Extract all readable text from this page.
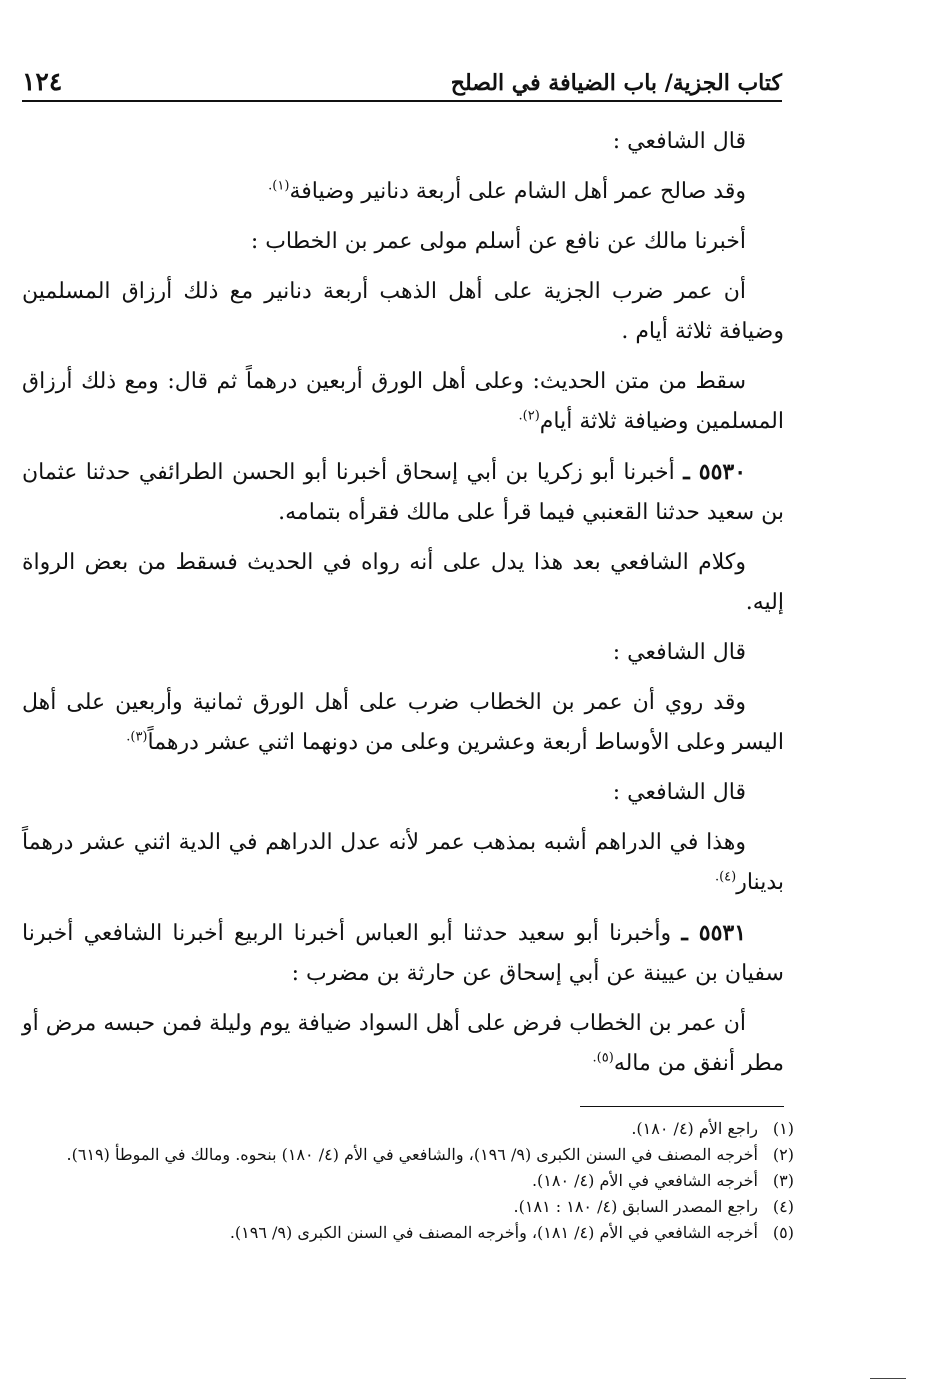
كتاب الجزية/ باب الضيافة في الصلح
١٢٤

قال الشافعي :

وقد صالح عمر أهل الشام على أربعة دنانير وضيافة$^{(١).}$

أخبرنا مالك عن نافع عن أسلم مولى عمر بن الخطاب :

أن عمر ضرب الجزية على أهل الذهب أربعة دنانير مع ذلك أرزاق المسلمين وضيافة ثلاثة أيام .

سقط من متن الحديث: وعلى أهل الورق أربعين درهماً ثم قال: ومع ذلك أرزاق المسلمين وضيافة ثلاثة أيام$^{(٢).}$

٥٥٣٠ ـ أخبرنا أبو زكريا بن أبي إسحاق أخبرنا أبو الحسن الطرائفي حدثنا عثمان بن سعيد حدثنا القعنبي فيما قرأ على مالك فقرأه بتمامه.

وكلام الشافعي بعد هذا يدل على أنه رواه في الحديث فسقط من بعض الرواة إليه.

قال الشافعي :

وقد روي أن عمر بن الخطاب ضرب على أهل الورق ثمانية وأربعين على أهل اليسر وعلى الأوساط أربعة وعشرين وعلى من دونهما اثني عشر درهماً$^{(٣).}$

قال الشافعي :

وهذا في الدراهم أشبه بمذهب عمر لأنه عدل الدراهم في الدية اثني عشر درهماً بدينار$^{(٤).}$

٥٥٣١ ـ وأخبرنا أبو سعيد حدثنا أبو العباس أخبرنا الربيع أخبرنا الشافعي أخبرنا سفيان بن عيينة عن أبي إسحاق عن حارثة بن مضرب :

أن عمر بن الخطاب فرض على أهل السواد ضيافة يوم وليلة فمن حبسه مرض أو مطر أنفق من ماله$^{(٥).}$

(١)
راجع الأم (٤/ ١٨٠).
(٢)
أخرجه المصنف في السنن الكبرى (٩/ ١٩٦)، والشافعي في الأم (٤/ ١٨٠) بنحوه. ومالك في الموطأ (٦١٩).
(٣)
أخرجه الشافعي في الأم (٤/ ١٨٠).
(٤)
راجع المصدر السابق (٤/ ١٨٠ : ١٨١).
(٥)
أخرجه الشافعي في الأم (٤/ ١٨١)، وأخرجه المصنف في السنن الكبرى (٩/ ١٩٦).
